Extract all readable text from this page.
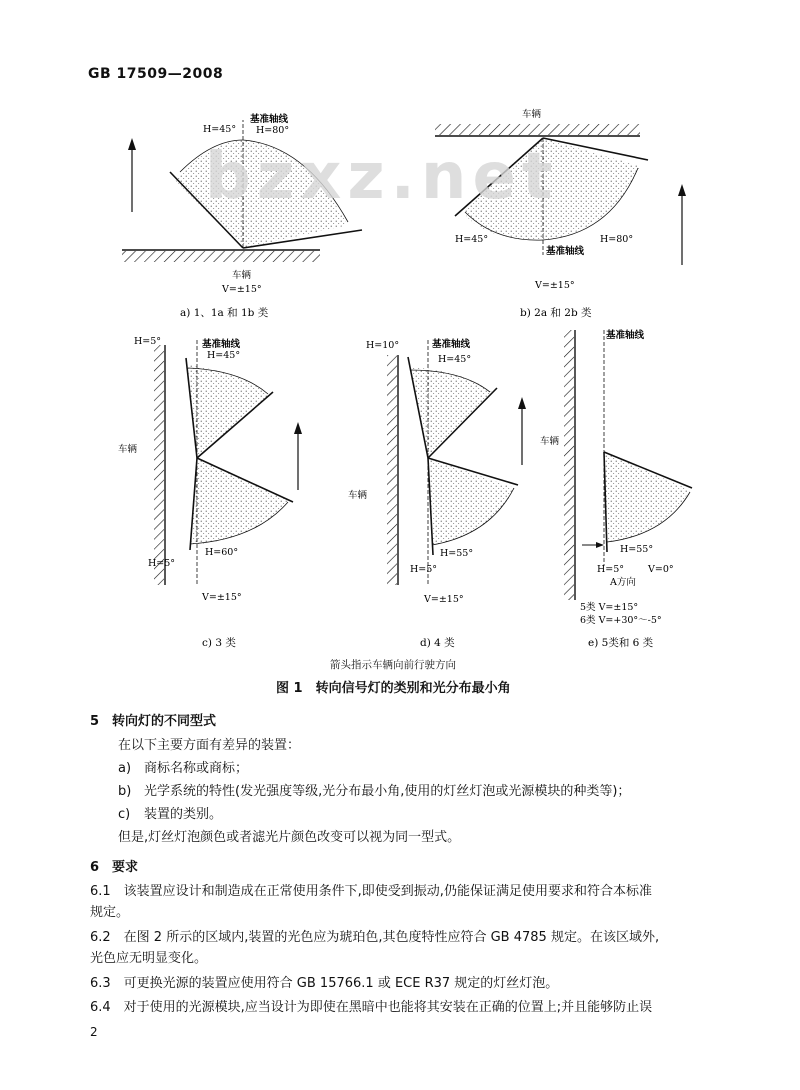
GB 17509—2008
H=45°
基准轴线
H=80°
车辆
V=±15°
a) 1、1a 和 1b 类
车辆
H=45°
基准轴线
H=80°
V=±15°
b) 2a 和 2b 类
H=5°	基准轴线
H=45°
车辆
H=5°
H=60°
V=±15°
c) 3 类
H=10°	基准轴线
H=45°
车辆
H=55°
H=5°
V=±15°
d) 4 类
基准轴线
车辆
H=55°
H=5°	V=0°
A方向
5类 V=±15°
6类 V=+30°～-5°
e) 5类和 6 类
bzxz.net
箭头指示车辆向前行驶方向
图 1　转向信号灯的类别和光分布最小角
5　转向灯的不同型式
在以下主要方面有差异的装置：
a) 商标名称或商标；
b) 光学系统的特性(发光强度等级,光分布最小角,使用的灯丝灯泡或光源模块的种类等)；
c) 装置的类别。
但是,灯丝灯泡颜色或者滤光片颜色改变可以视为同一型式。
6　要求
6.1　该装置应设计和制造成在正常使用条件下,即使受到振动,仍能保证满足使用要求和符合本标准
规定。
6.2　在图 2 所示的区域内,装置的光色应为琥珀色,其色度特性应符合 GB 4785 规定。在该区域外,
光色应无明显变化。
6.3　可更换光源的装置应使用符合 GB 15766.1 或 ECE R37 规定的灯丝灯泡。
6.4　对于使用的光源模块,应当设计为即使在黑暗中也能将其安装在正确的位置上;并且能够防止误
2
